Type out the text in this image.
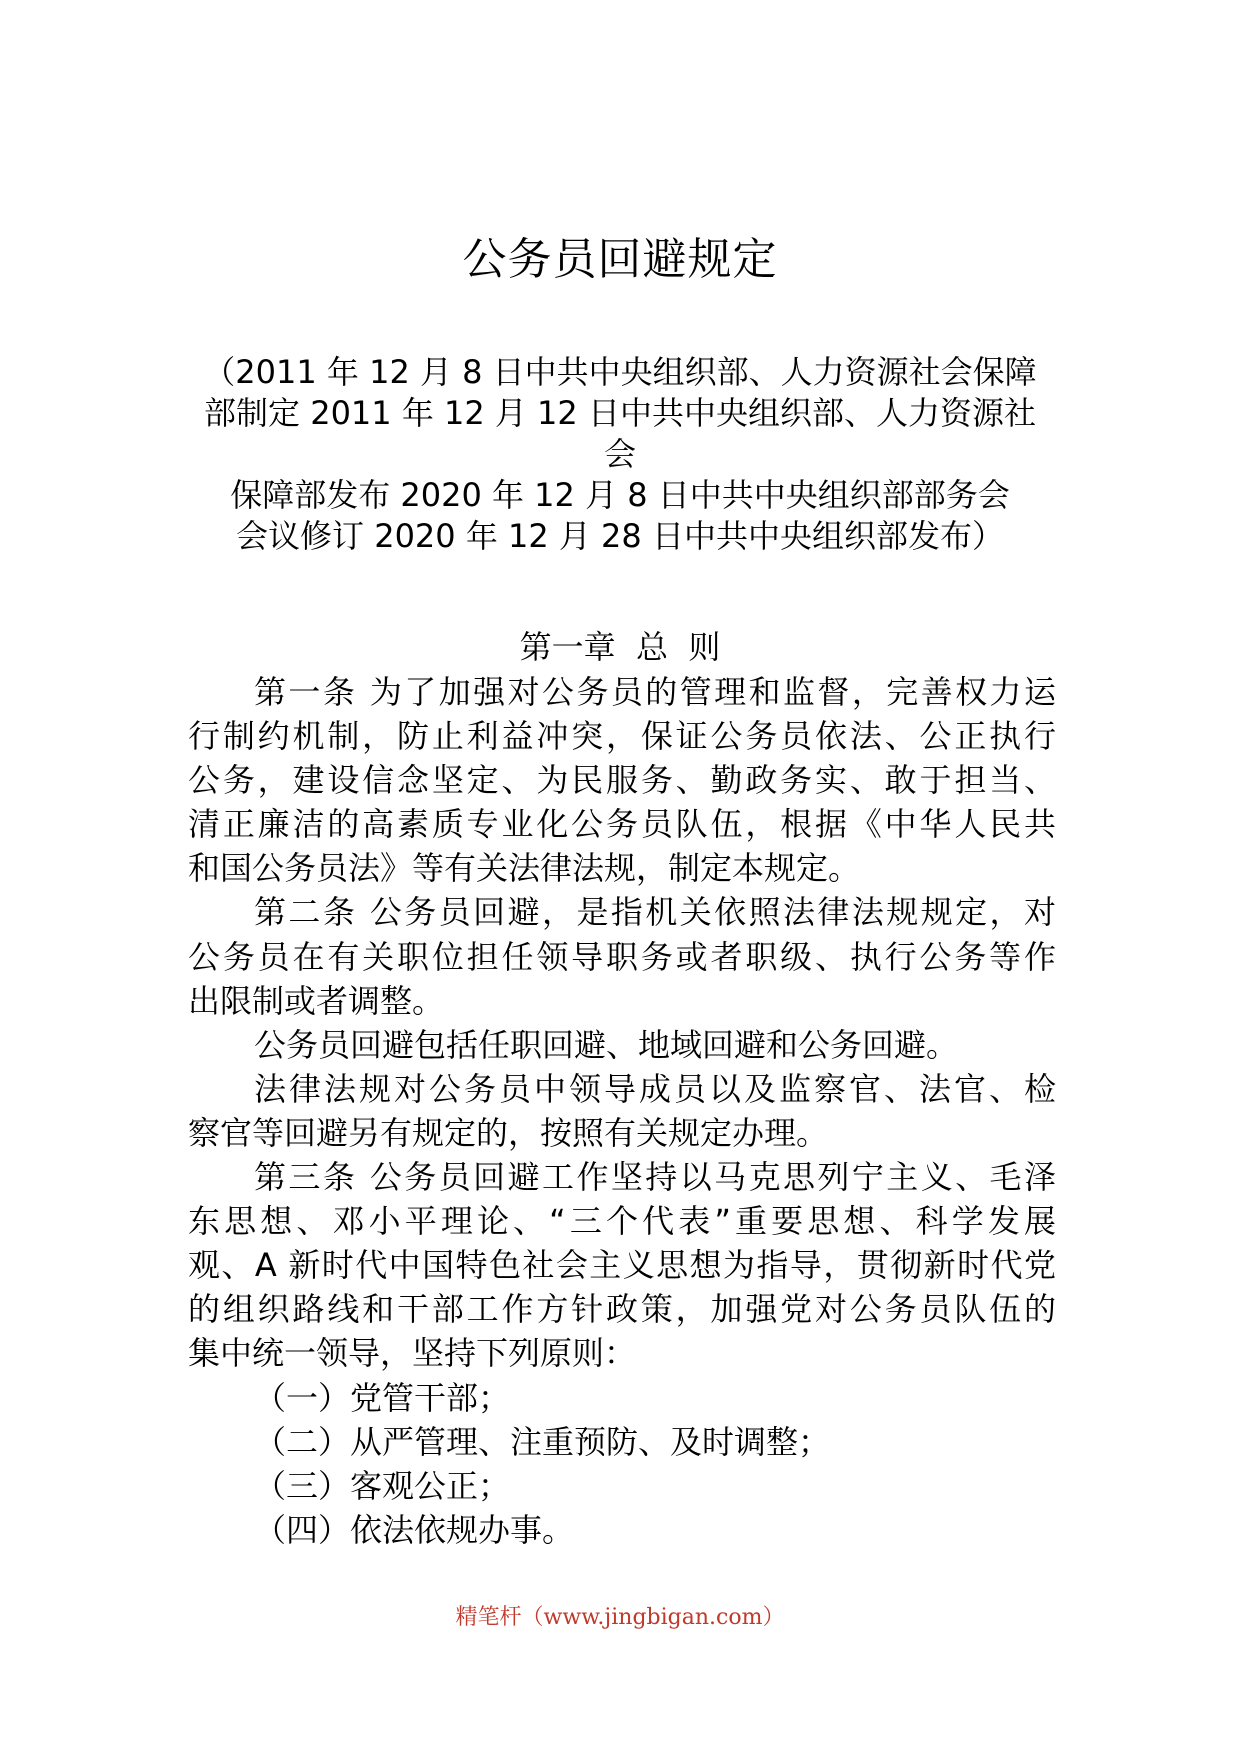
公务员回避规定
（2011 年 12 月 8 日中共中央组织部、人力资源社会保障
部制定 2011 年 12 月 12 日中共中央组织部、人力资源社
会
保障部发布 2020 年 12 月 8 日中共中央组织部部务会
会议修订 2020 年 12 月 28 日中共中央组织部发布）
第一章  总  则
第一条 为了加强对公务员的管理和监督，完善权力运
行制约机制，防止利益冲突，保证公务员依法、公正执行
公务，建设信念坚定、为民服务、勤政务实、敢于担当、
清正廉洁的高素质专业化公务员队伍，根据《中华人民共
和国公务员法》等有关法律法规，制定本规定。
第二条 公务员回避，是指机关依照法律法规规定，对
公务员在有关职位担任领导职务或者职级、执行公务等作
出限制或者调整。
公务员回避包括任职回避、地域回避和公务回避。
法律法规对公务员中领导成员以及监察官、法官、检
察官等回避另有规定的，按照有关规定办理。
第三条 公务员回避工作坚持以马克思列宁主义、毛泽
东思想、邓小平理论、“三个代表”重要思想、科学发展
观、A 新时代中国特色社会主义思想为指导，贯彻新时代党
的组织路线和干部工作方针政策，加强党对公务员队伍的
集中统一领导，坚持下列原则：
（一）党管干部；
（二）从严管理、注重预防、及时调整；
（三）客观公正；
（四）依法依规办事。
精笔杆（www.jingbigan.com）
